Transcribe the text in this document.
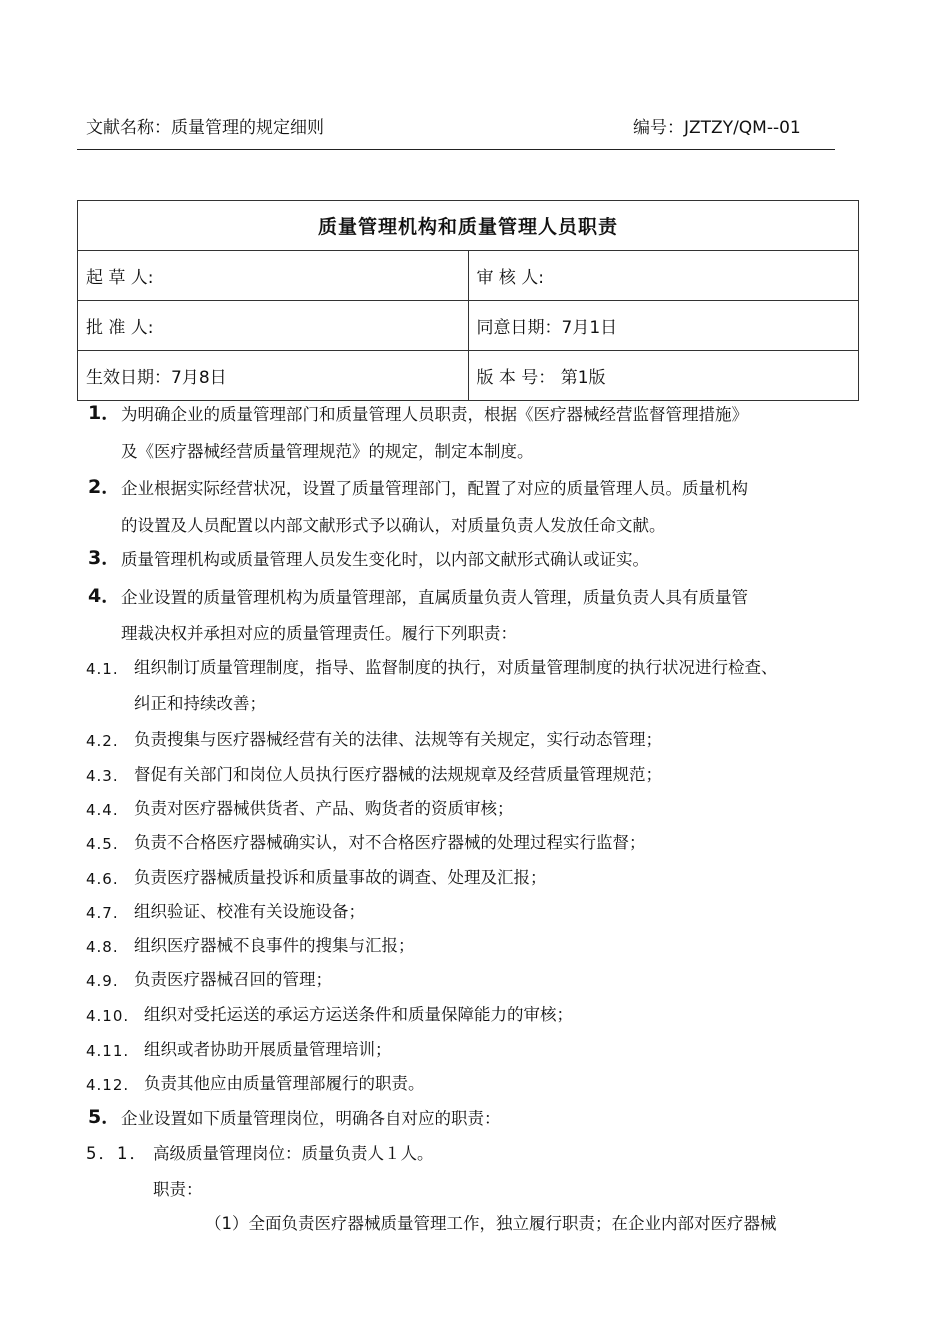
文献名称：质量管理的规定细则	编号：JZTZY/QM--01
质量管理机构和质量管理人员职责	
起 草 人:	审 核 人:
批 准 人:	同意日期：7月1日
生效日期：7月8日	版 本 号： 第1版
1． 为明确企业的质量管理部门和质量管理人员职责，根据《医疗器械经营监督管理措施》
及《医疗器械经营质量管理规范》的规定，制定本制度。
2． 企业根据实际经营状况，设置了质量管理部门，配置了对应的质量管理人员。质量机构
的设置及人员配置以内部文献形式予以确认，对质量负责人发放任命文献。
3． 质量管理机构或质量管理人员发生变化时，以内部文献形式确认或证实。
4． 企业设置的质量管理机构为质量管理部，直属质量负责人管理，质量负责人具有质量管
理裁决权并承担对应的质量管理责任。履行下列职责：
4.1. 组织制订质量管理制度，指导、监督制度的执行，对质量管理制度的执行状况进行检查、
纠正和持续改善；
4.2. 负责搜集与医疗器械经营有关的法律、法规等有关规定，实行动态管理；
4.3. 督促有关部门和岗位人员执行医疗器械的法规规章及经营质量管理规范；
4.4. 负责对医疗器械供货者、产品、购货者的资质审核；
4.5. 负责不合格医疗器械确实认，对不合格医疗器械的处理过程实行监督；
4.6. 负责医疗器械质量投诉和质量事故的调查、处理及汇报；
4.7. 组织验证、校准有关设施设备；
4.8. 组织医疗器械不良事件的搜集与汇报；
4.9. 负责医疗器械召回的管理；
4.10. 组织对受托运送的承运方运送条件和质量保障能力的审核；
4.11. 组织或者协助开展质量管理培训；
4.12. 负责其他应由质量管理部履行的职责。
5． 企业设置如下质量管理岗位，明确各自对应的职责：
5．1． 高级质量管理岗位：质量负责人１人。
职责：
（1）全面负责医疗器械质量管理工作，独立履行职责；在企业内部对医疗器械
